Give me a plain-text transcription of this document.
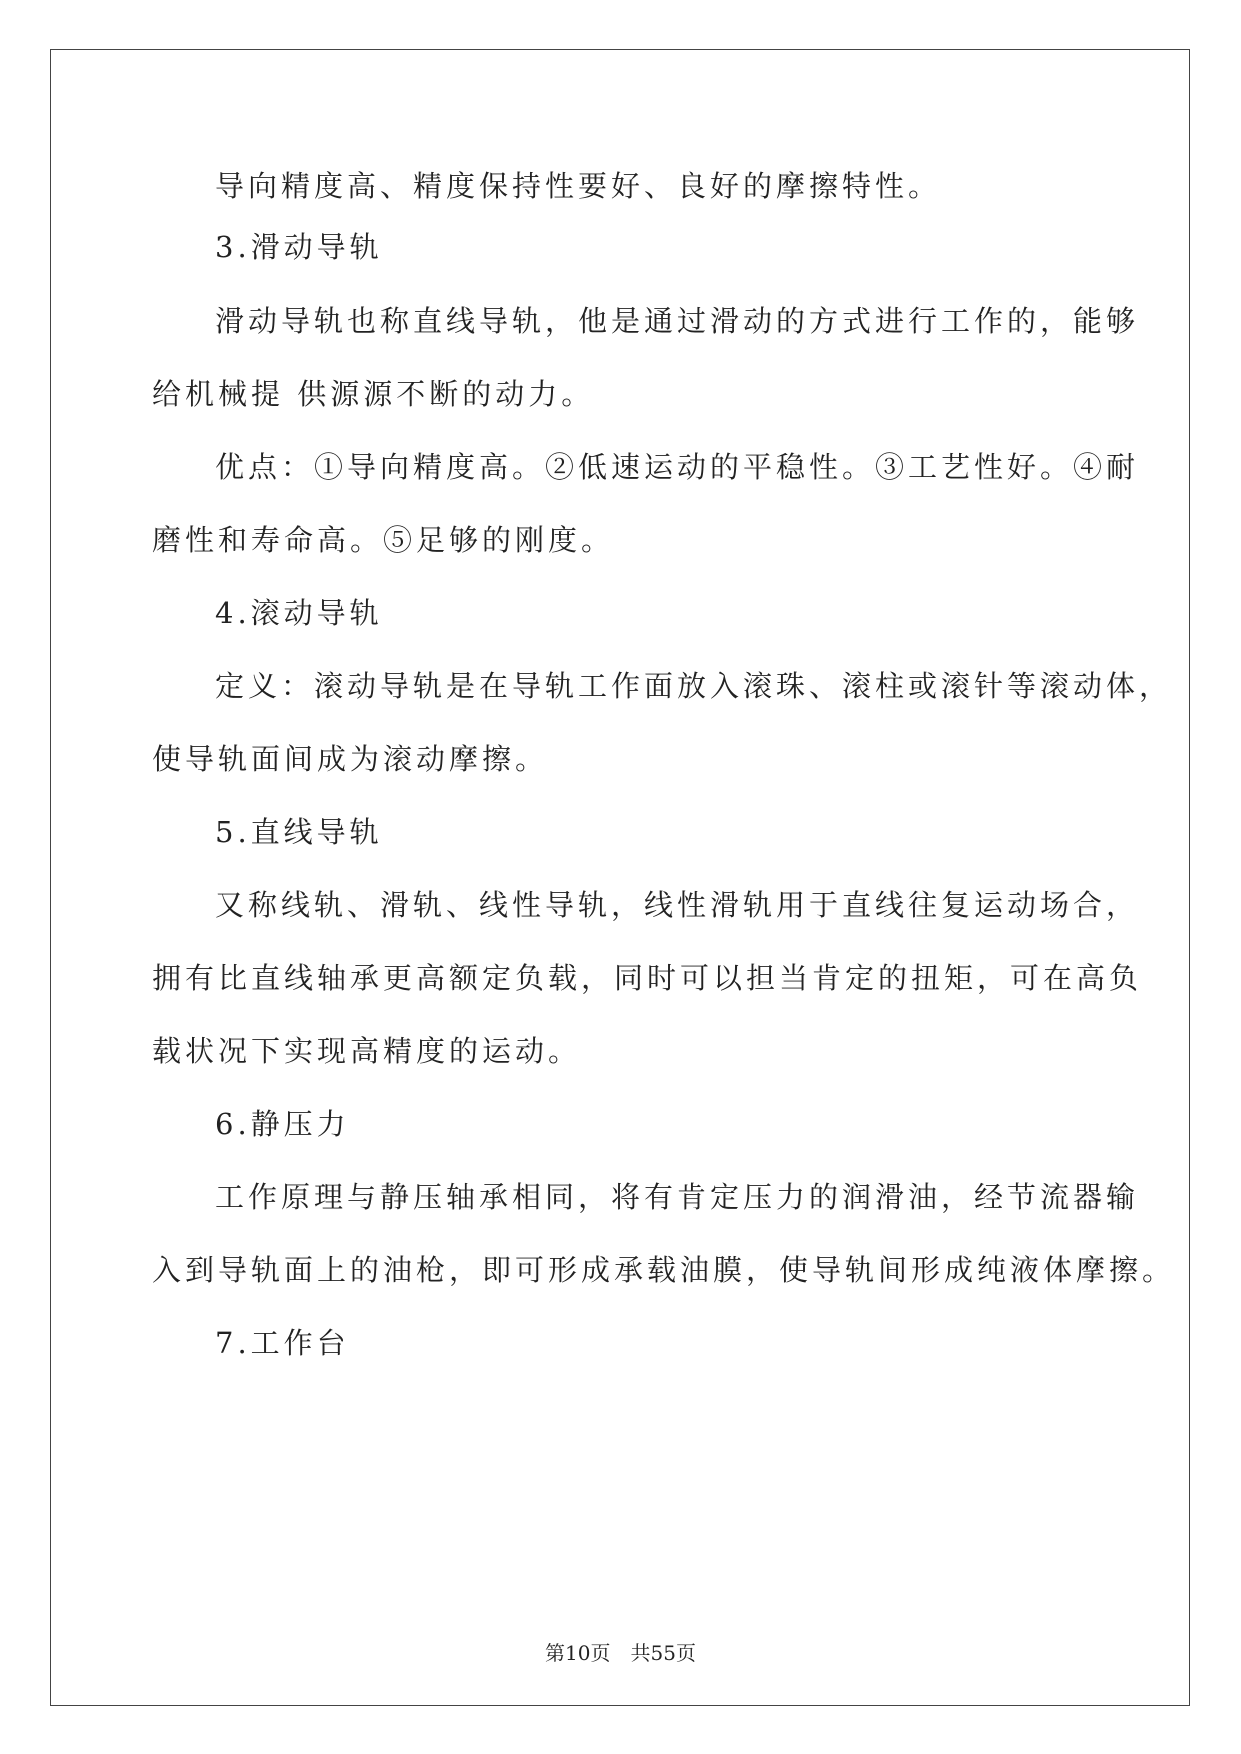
导向精度高、精度保持性要好、良好的摩擦特性。
3.滑动导轨
滑动导轨也称直线导轨，他是通过滑动的方式进行工作的，能够
给机械提 供源源不断的动力。
优点：①导向精度高。②低速运动的平稳性。③工艺性好。④耐
磨性和寿命高。⑤足够的刚度。
4.滚动导轨
定义：滚动导轨是在导轨工作面放入滚珠、滚柱或滚针等滚动体，
使导轨面间成为滚动摩擦。
5.直线导轨
又称线轨、滑轨、线性导轨，线性滑轨用于直线往复运动场合，
拥有比直线轴承更高额定负载，同时可以担当肯定的扭矩，可在高负
载状况下实现高精度的运动。
6.静压力
工作原理与静压轴承相同，将有肯定压力的润滑油，经节流器输
入到导轨面上的油枪，即可形成承载油膜，使导轨间形成纯液体摩擦。
7.工作台
第10页　共55页
